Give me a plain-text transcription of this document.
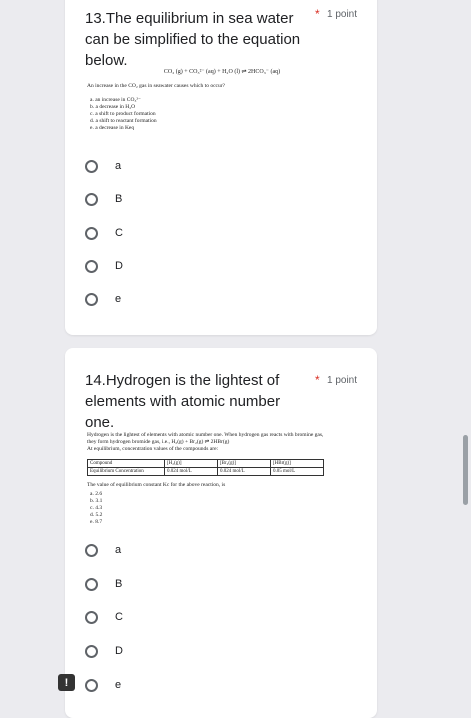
13.The equilibrium in sea water can be simplified to the equation below.
* 1 point
CO₂ (g) + CO₃²⁻ (aq) + H₂O (l) ⇌ 2HCO₃⁻ (aq)
An increase in the CO₂ gas in seawater causes which to occur?
a. an increase in CO₃²⁻
b. a decrease in H₂O
c. a shift to product formation
d. a shift to reactant formation
e. a decrease in Keq
a
B
C
D
e
14.Hydrogen is the lightest of elements with atomic number one.
* 1 point
Hydrogen is the lightest of elements with atomic number one. When hydrogen gas reacts with bromine gas,
they form hydrogen bromide gas, i.e., H₂(g) + Br₂(g) ⇌ 2HBr(g)
At equilibrium, concentration values of the compounds are:
Compound	[H₂(g)]	[Br₂(g)]	[HBr(g)]
Equilibrium Concentration	0.024 mol/L	0.024 mol/L	0.05 mol/L
The value of equilibrium constant Kc for the above reaction, is
a. 2.6
b. 3.1
c. 4.3
d. 5.2
e. 8.7
a
B
C
D
e
!
